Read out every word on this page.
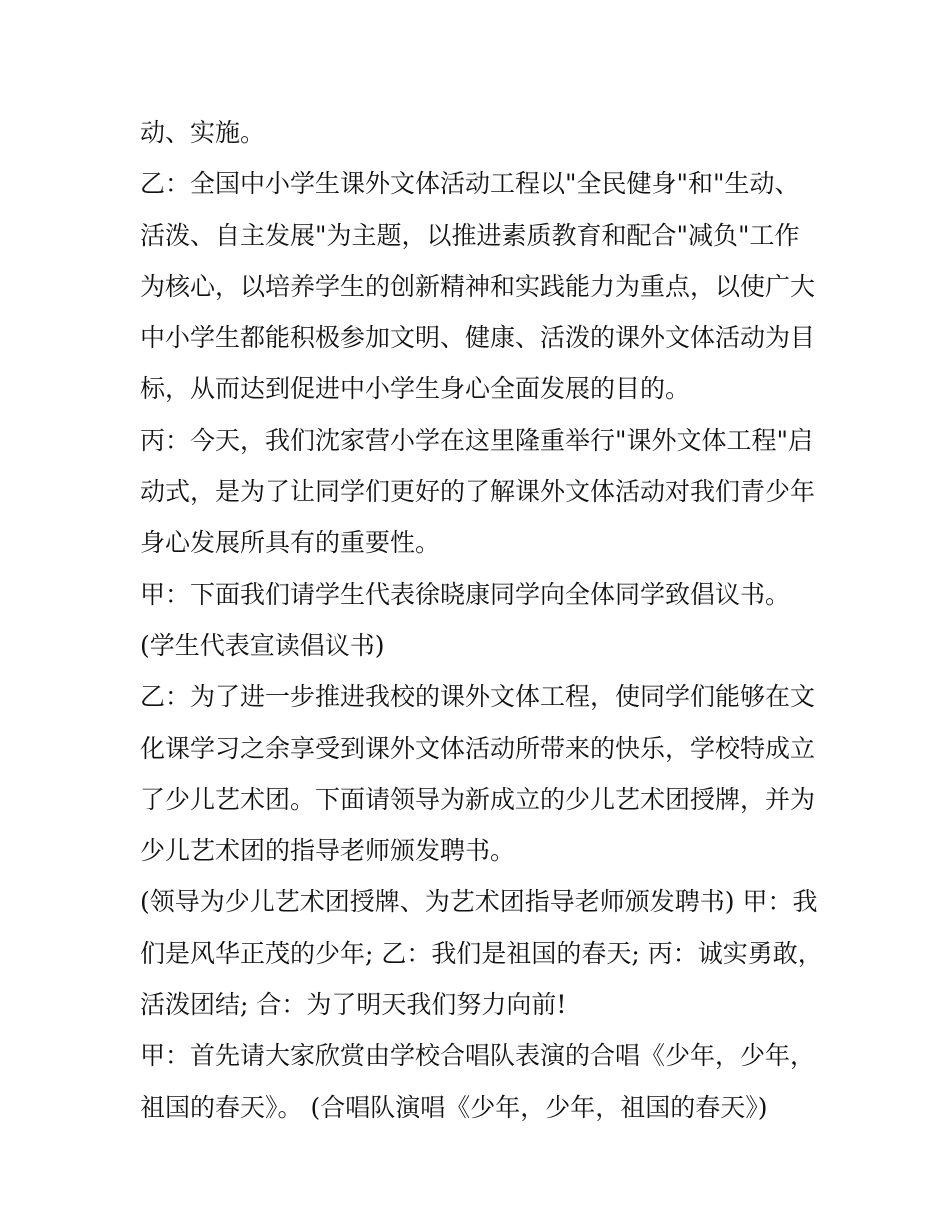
动、实施。
乙：全国中小学生课外文体活动工程以"全民健身"和"生动、
活泼、自主发展"为主题，以推进素质教育和配合"减负"工作
为核心，以培养学生的创新精神和实践能力为重点，以使广大
中小学生都能积极参加文明、健康、活泼的课外文体活动为目
标，从而达到促进中小学生身心全面发展的目的。
丙：今天，我们沈家营小学在这里隆重举行"课外文体工程"启
动式，是为了让同学们更好的了解课外文体活动对我们青少年
身心发展所具有的重要性。
甲：下面我们请学生代表徐晓康同学向全体同学致倡议书。
(学生代表宣读倡议书)
乙：为了进一步推进我校的课外文体工程，使同学们能够在文
化课学习之余享受到课外文体活动所带来的快乐，学校特成立
了少儿艺术团。下面请领导为新成立的少儿艺术团授牌，并为
少儿艺术团的指导老师颁发聘书。
(领导为少儿艺术团授牌、为艺术团指导老师颁发聘书) 甲：我
们是风华正茂的少年; 乙：我们是祖国的春天; 丙：诚实勇敢，
活泼团结; 合：为了明天我们努力向前!
甲：首先请大家欣赏由学校合唱队表演的合唱《少年，少年，
祖国的春天》。 (合唱队演唱《少年，少年，祖国的春天》)
